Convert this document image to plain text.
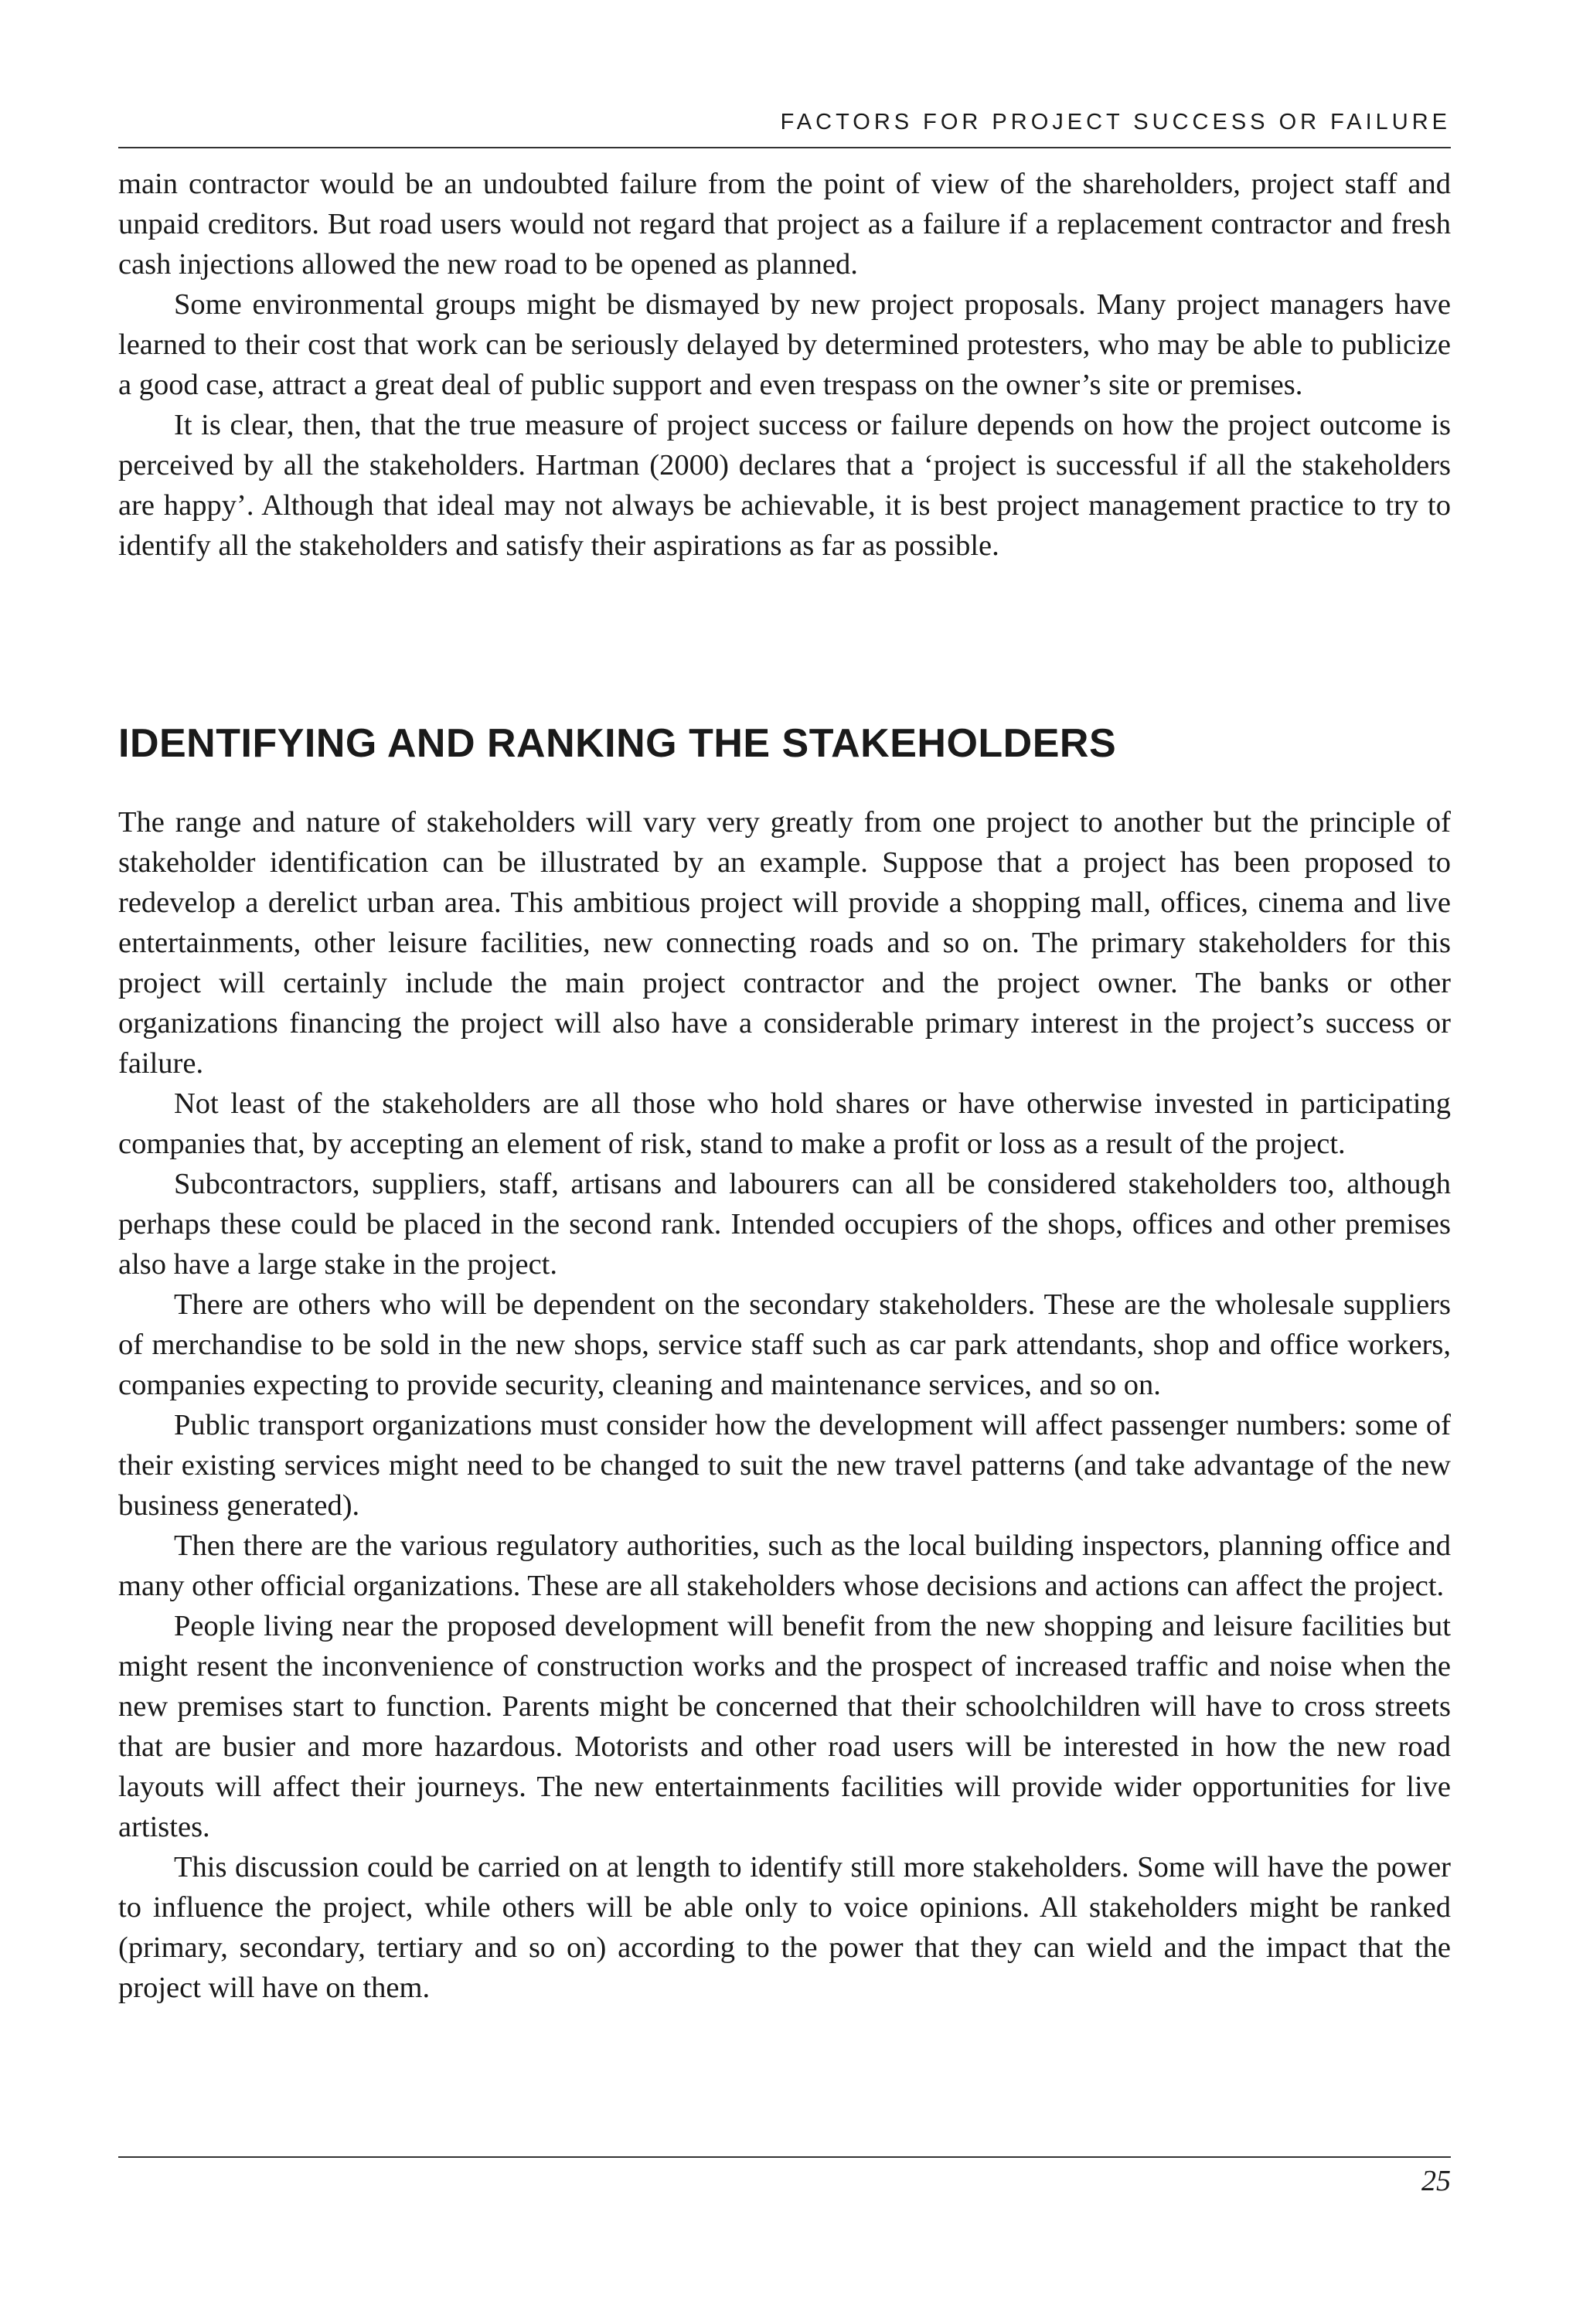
FACTORS FOR PROJECT SUCCESS OR FAILURE

main contractor would be an undoubted failure from the point of view of the shareholders, project staff and unpaid creditors. But road users would not regard that project as a failure if a replacement contractor and fresh cash injections allowed the new road to be opened as planned.

Some environmental groups might be dismayed by new project proposals. Many project managers have learned to their cost that work can be seriously delayed by determined protesters, who may be able to publicize a good case, attract a great deal of public support and even trespass on the owner’s site or premises.

It is clear, then, that the true measure of project success or failure depends on how the project outcome is perceived by all the stakeholders. Hartman (2000) declares that a ‘project is successful if all the stakeholders are happy’. Although that ideal may not always be achievable, it is best project management practice to try to identify all the stakeholders and satisfy their aspirations as far as possible.

IDENTIFYING AND RANKING THE STAKEHOLDERS

The range and nature of stakeholders will vary very greatly from one project to another but the principle of stakeholder identification can be illustrated by an example. Suppose that a project has been proposed to redevelop a derelict urban area. This ambitious project will provide a shopping mall, offices, cinema and live entertainments, other leisure facilities, new connecting roads and so on. The primary stakeholders for this project will certainly include the main project contractor and the project owner. The banks or other organizations financing the project will also have a considerable primary interest in the project’s success or failure.

Not least of the stakeholders are all those who hold shares or have otherwise invested in participating companies that, by accepting an element of risk, stand to make a profit or loss as a result of the project.

Subcontractors, suppliers, staff, artisans and labourers can all be considered stakeholders too, although perhaps these could be placed in the second rank. Intended occupiers of the shops, offices and other premises also have a large stake in the project.

There are others who will be dependent on the secondary stakeholders. These are the wholesale suppliers of merchandise to be sold in the new shops, service staff such as car park attendants, shop and office workers, companies expecting to provide security, cleaning and maintenance services, and so on.

Public transport organizations must consider how the development will affect passenger numbers: some of their existing services might need to be changed to suit the new travel patterns (and take advantage of the new business generated).

Then there are the various regulatory authorities, such as the local building inspectors, planning office and many other official organizations. These are all stakeholders whose decisions and actions can affect the project.

People living near the proposed development will benefit from the new shopping and leisure facilities but might resent the inconvenience of construction works and the prospect of increased traffic and noise when the new premises start to function. Parents might be concerned that their schoolchildren will have to cross streets that are busier and more hazardous. Motorists and other road users will be interested in how the new road layouts will affect their journeys. The new entertainments facilities will provide wider opportunities for live artistes.

This discussion could be carried on at length to identify still more stakeholders. Some will have the power to influence the project, while others will be able only to voice opinions. All stakeholders might be ranked (primary, secondary, tertiary and so on) according to the power that they can wield and the impact that the project will have on them.

25
